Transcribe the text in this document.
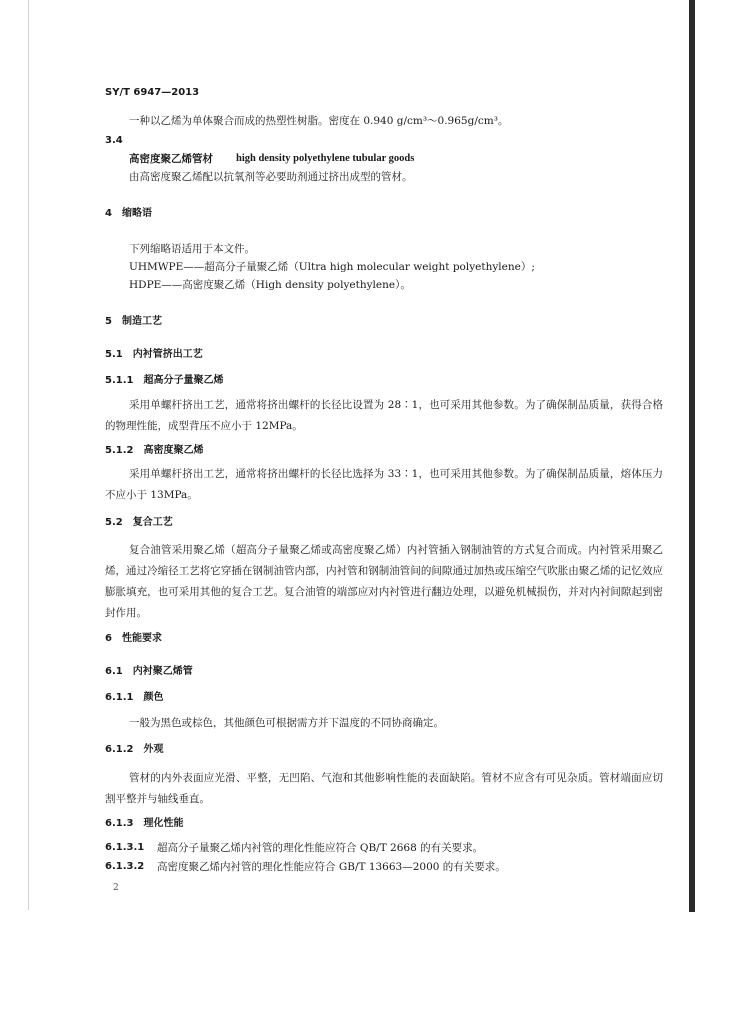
SY/T 6947—2013
一种以乙烯为单体聚合而成的热塑性树脂。密度在 0.940 g/cm³～0.965g/cm³。
3.4
高密度聚乙烯管材 high density polyethylene tubular goods
由高密度聚乙烯配以抗氧剂等必要助剂通过挤出成型的管材。
4　缩略语
下列缩略语适用于本文件。
UHMWPE——超高分子量聚乙烯（Ultra high molecular weight polyethylene）;
HDPE——高密度聚乙烯（High density polyethylene）。
5　制造工艺
5.1　内衬管挤出工艺
5.1.1　超高分子量聚乙烯
采用单螺杆挤出工艺，通常将挤出螺杆的长径比设置为 28∶1，也可采用其他参数。为了确保制品质量，获得合格的物理性能，成型背压不应小于 12MPa。
5.1.2　高密度聚乙烯
采用单螺杆挤出工艺，通常将挤出螺杆的长径比选择为 33∶1，也可采用其他参数。为了确保制品质量，熔体压力不应小于 13MPa。
5.2　复合工艺
复合油管采用聚乙烯（超高分子量聚乙烯或高密度聚乙烯）内衬管插入钢制油管的方式复合而成。内衬管采用聚乙烯，通过冷缩径工艺将它穿插在钢制油管内部，内衬管和钢制油管间的间隙通过加热或压缩空气吹胀由聚乙烯的记忆效应膨胀填充，也可采用其他的复合工艺。复合油管的端部应对内衬管进行翻边处理，以避免机械损伤，并对内衬间隙起到密封作用。
6　性能要求
6.1　内衬聚乙烯管
6.1.1　颜色
一般为黑色或棕色，其他颜色可根据需方并下温度的不同协商确定。
6.1.2　外观
管材的内外表面应光滑、平整，无凹陷、气泡和其他影响性能的表面缺陷。管材不应含有可见杂质。管材端面应切割平整并与轴线垂直。
6.1.3　理化性能
6.1.3.1 超高分子量聚乙烯内衬管的理化性能应符合 QB/T 2668 的有关要求。
6.1.3.2 高密度聚乙烯内衬管的理化性能应符合 GB/T 13663—2000 的有关要求。
2
